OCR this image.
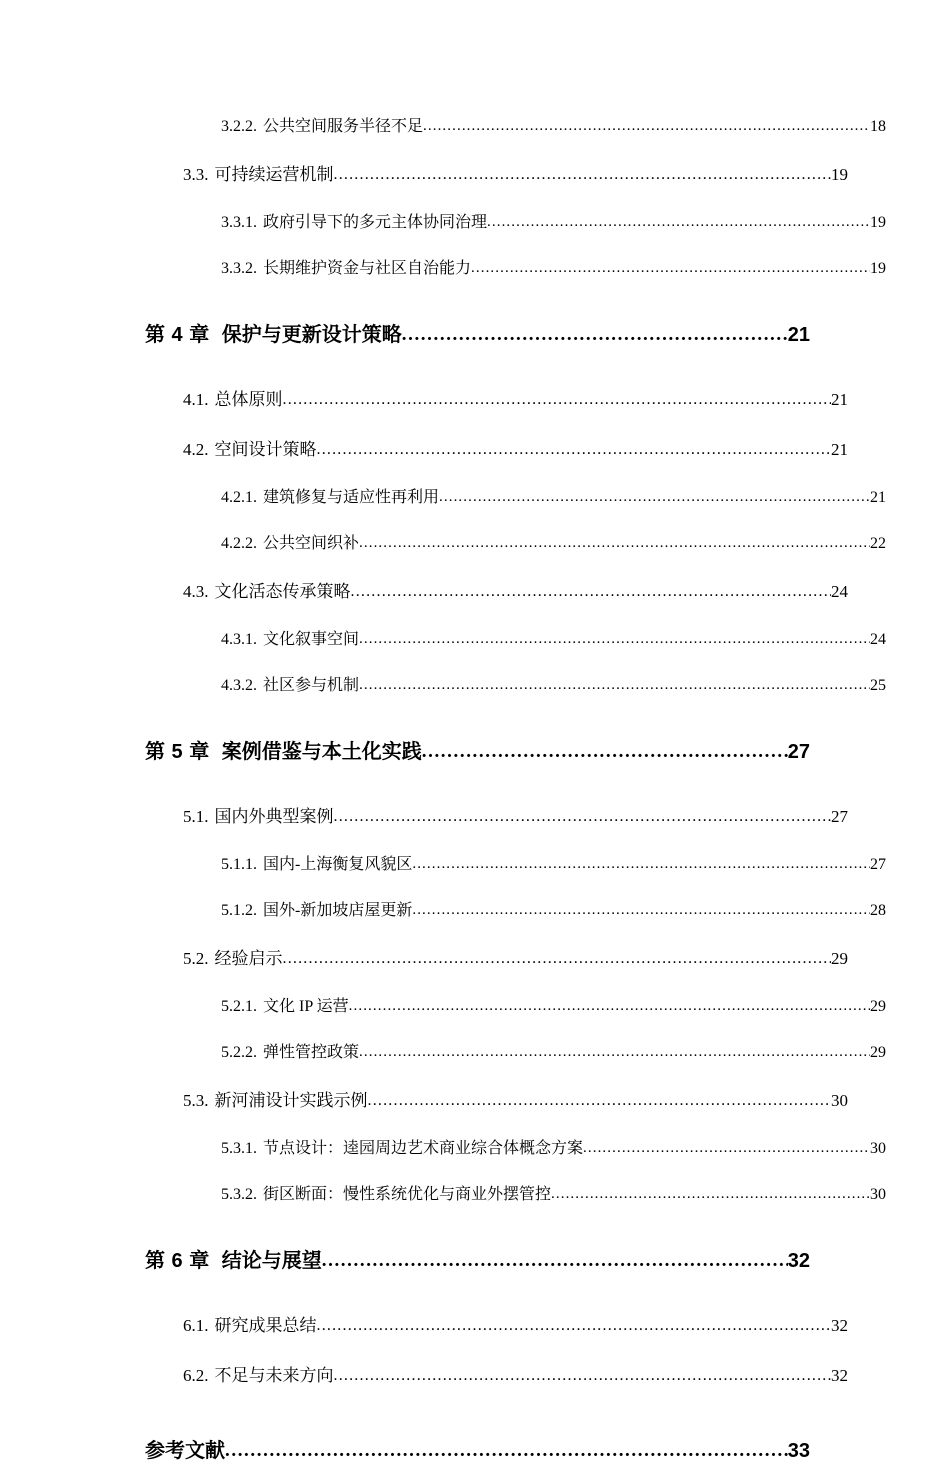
3.2.2. 公共空间服务半径不足 .....	18
3.3. 可持续运营机制 .....	19
3.3.1. 政府引导下的多元主体协同治理 .....	19
3.3.2. 长期维护资金与社区自治能力 .....	19
第 4 章 保护与更新设计策略 .....	21
4.1. 总体原则 .....	21
4.2. 空间设计策略 .....	21
4.2.1. 建筑修复与适应性再利用 .....	21
4.2.2. 公共空间织补 .....	22
4.3. 文化活态传承策略 .....	24
4.3.1. 文化叙事空间 .....	24
4.3.2. 社区参与机制 .....	25
第 5 章 案例借鉴与本土化实践 .....	27
5.1. 国内外典型案例 .....	27
5.1.1. 国内-上海衡复风貌区 .....	27
5.1.2. 国外-新加坡店屋更新 .....	28
5.2. 经验启示 .....	29
5.2.1. 文化 IP 运营 .....	29
5.2.2. 弹性管控政策 .....	29
5.3. 新河浦设计实践示例 .....	30
5.3.1. 节点设计：逵园周边艺术商业综合体概念方案 .....	30
5.3.2. 街区断面：慢性系统优化与商业外摆管控 .....	30
第 6 章 结论与展望 .....	32
6.1. 研究成果总结 .....	32
6.2. 不足与未来方向 .....	32
参考文献 .....	33
